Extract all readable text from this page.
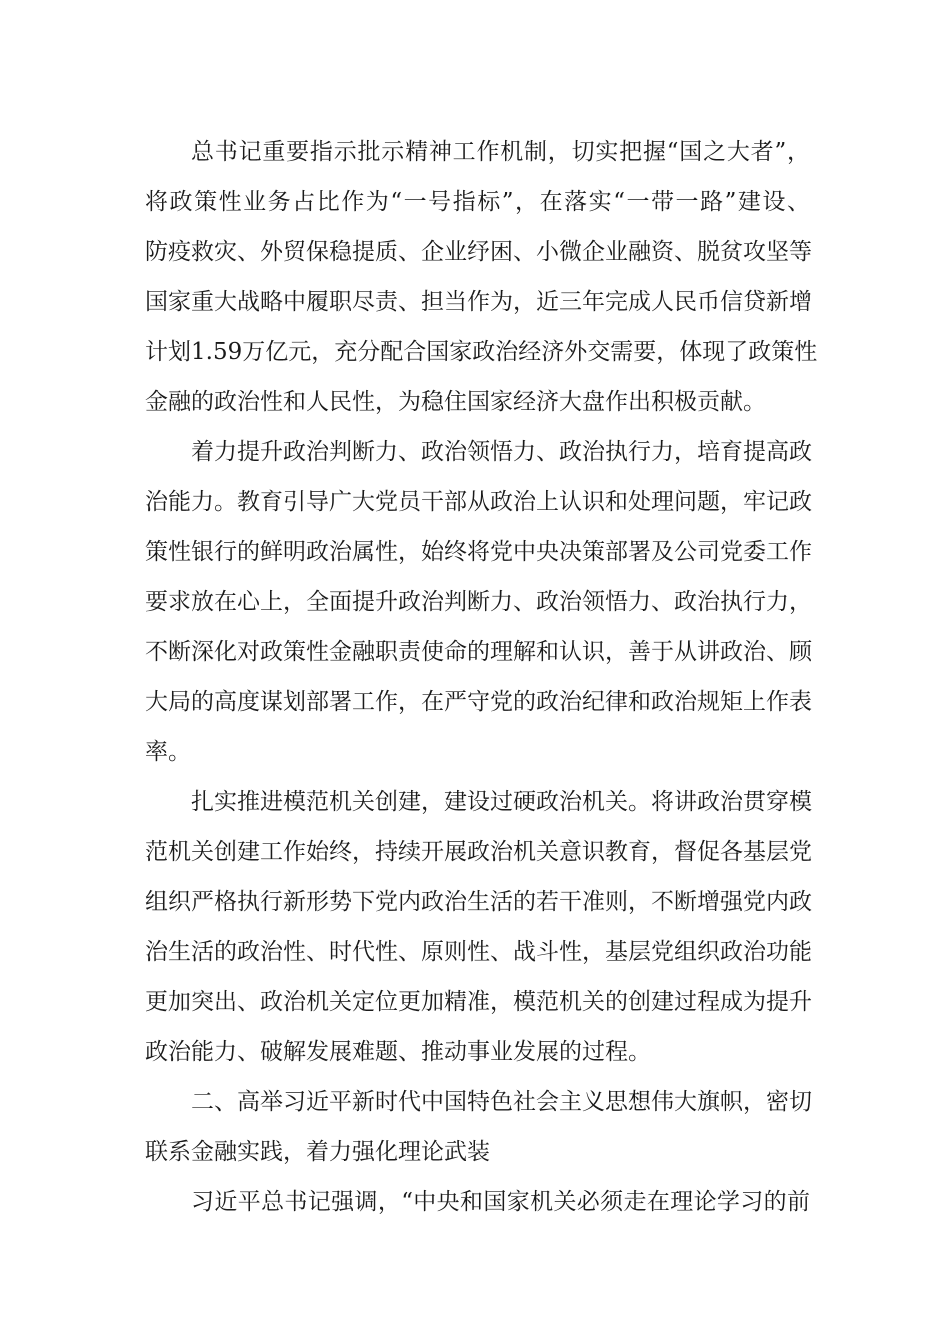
总书记重要指示批示精神工作机制，切实把握“国之大者”，
将政策性业务占比作为“一号指标”，在落实“一带一路”建设、
防疫救灾、外贸保稳提质、企业纾困、小微企业融资、脱贫攻坚等
国家重大战略中履职尽责、担当作为，近三年完成人民币信贷新增
计划1.59万亿元，充分配合国家政治经济外交需要，体现了政策性
金融的政治性和人民性，为稳住国家经济大盘作出积极贡献。
着力提升政治判断力、政治领悟力、政治执行力，培育提高政
治能力。教育引导广大党员干部从政治上认识和处理问题，牢记政
策性银行的鲜明政治属性，始终将党中央决策部署及公司党委工作
要求放在心上，全面提升政治判断力、政治领悟力、政治执行力，
不断深化对政策性金融职责使命的理解和认识，善于从讲政治、顾
大局的高度谋划部署工作，在严守党的政治纪律和政治规矩上作表
率。
扎实推进模范机关创建，建设过硬政治机关。将讲政治贯穿模
范机关创建工作始终，持续开展政治机关意识教育，督促各基层党
组织严格执行新形势下党内政治生活的若干准则，不断增强党内政
治生活的政治性、时代性、原则性、战斗性，基层党组织政治功能
更加突出、政治机关定位更加精准，模范机关的创建过程成为提升
政治能力、破解发展难题、推动事业发展的过程。
二、高举习近平新时代中国特色社会主义思想伟大旗帜，密切
联系金融实践，着力强化理论武装
习近平总书记强调，“中央和国家机关必须走在理论学习的前
